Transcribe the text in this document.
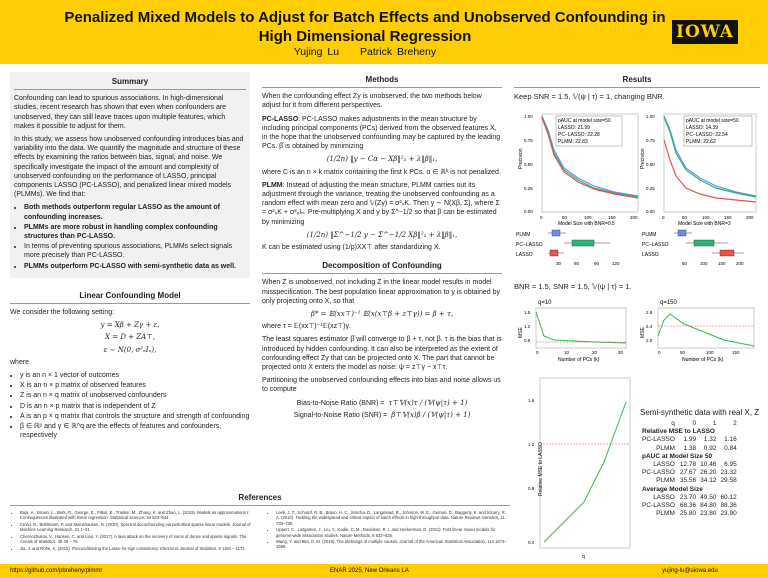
Penalized Mixed Models to Adjust for Batch Effects and Unobserved Confounding in High Dimensional Regression
Yujing Lu Patrick Breheny
IOWA
Summary

Confounding can lead to spurious associations. In high-dimensional studies, recent research has shown that even when confounders are unobserved, they can still leave traces upon multiple features, which makes it possible to adjust for them.

In this study, we assess how unobserved confounding introduces bias and variability into the data. We quantify the magnitude and structure of these effects by examining the ratios between bias, signal, and noise. We specifically investigate the impact of the amount and complexity of unobserved confounding on the performance of LASSO, principal components LASSO (PC-LASSO), and penalized linear mixed models (PLMMs). We find that:

• Both methods outperform regular LASSO as the amount of confounding increases.
• PLMMs are more robust in handling complex confounding structures than PC-LASSO.
• In terms of preventing spurious associations, PLMMs select signals more precisely than PC-LASSO.
• PLMMs outperform PC-LASSO with semi-synthetic data as well.
Linear Confounding Model

We consider the following setting:

y = Xβ + Zγ + ε,
X = D + ZA⊤,
ε ∼ N(0, σ²ₑIₙ),

where

• y is an n × 1 vector of outcomes
• X is an n × p matrix of observed features
• Z is an n × q matrix of unobserved confounders
• D is an n × p matrix that is independent of Z
• A is an p × q matrix that controls the structure and strength of confounding
• β ∈ ℝᵖ and γ ∈ ℝ^q are the effects of features and confounders, respectively
References
• Bujа, A., Brown, L., Berk, R., George, E., Pitkin, E., Traskin, M., Zhang, K. and Zhao, L. (2019). Models as approximations I: Consequences illustrated with linear regression. Statistical Science, 34 523–544.
• Ćevid, D., Bühlmann, P. and Meinshausen, N. (2020). Spectral deconfounding via perturbed sparse linear models. Journal of Machine Learning Research, 21 1–41.
• Chernozhukov, V., Hansen, C. and Liao, Y. (2017). A lava attack on the recovery of sums of dense and sparse signals. The Annals of Statistics, 45 39 – 76.
• Jia, J. and Rohe, K. (2015). Preconditioning the Lasso for sign consistency. Electronic Journal of Statistics, 9 1150 – 1172.
• Leek, J. T., Scharpf, R. B., Bravo, H. C., Simcha, D., Langmead, B., Johnson, W. E., Geman, D., Baggerly, K. and Irizarry, R. A. (2010). Tackling the widespread and critical impact of batch effects in high-throughput data. Nature Reviews Genetics, 11 733–739.
• Lippert, C., Listgarten, J., Liu, Y., Kadie, C. M., Davidson, R. I. and Heckerman, D. (2011). Fast linear mixed models for genome-wide association studies. Nature Methods, 8 833–835.
• Wang, Y. and Blei, D. M. (2019). The blessings of multiple causes. Journal of the American Statistical Association, 114 1574–1596.
Methods

When the confounding effect Zγ is unobserved, the two methods below adjust for it from different perspectives.

PC-LASSO: PC-LASSO makes adjustments in the mean structure by including principal components (PCs) derived from the observed features X, in the hope that the unobserved confounding may be captured by the leading PCs. β̂ is obtained by minimizing

(1/2n) ‖y − Cα − Xβ‖²₂ + λ‖β‖₁,

where C is an n × k matrix containing the first k PCs. α ∈ ℝᵏ is not penalized.

PLMM: Instead of adjusting the mean structure, PLMM carries out its adjustment through the variance, treating the unobserved confounding as a random effect with mean zero and 𝕍(Zγ) = σ²ₛK. Then y ∼ N(Xβ, Σ), where Σ = σ²ₛK + σ²ₑIₙ. Pre-multiplying X and y by Σ^−1/2 so that β can be estimated by minimizing

(1/2n) ‖Σ^−1/2 y − Σ^−1/2 Xβ‖²₂ + λ‖β‖₁,

K can be estimated using (1/p)XX⊤ after standardizing X.

Decomposition of Confounding

When Z is unobserved, not including Z in the linear model results in model misspecification. The best population linear approximation to y is obtained by only projecting onto X, so that

β* = 𝔼(xx⊤)⁻¹ 𝔼(x(x⊤β + z⊤γ)) = β + τ,

where τ = 𝔼(xx⊤)⁻¹𝔼(xz⊤)γ.

The least squares estimator β̂ will converge to β + τ, not β. τ is the bias that is introduced by hidden confounding. It can also be interpreted as the extent of confounding effect Zγ that can be projected onto X. The part that cannot be projected onto X enters the model as noise: ψ = z⊤γ − x⊤τ.

Partitioning the unobserved confounding effects into bias and noise allows us to compute

Bias-to-Noise Ratio (BNR) = τ⊤𝕍(x)τ / (𝕍(ψ|τ) + 1)
Signal-to-Noise Ratio (SNR) = β⊤𝕍(x)β / (𝕍(ψ|τ) + 1)
Results
Keep SNR = 1.5, 𝕍(ψ | τ) = 1, changing BNR.
Precision
1.00
0.75
0.50
0.25
0.00
0	50	100	150	200
Model Size with BNR=0.5
pAUC at model size=50
LASSO: 21.99
PC−LASSO: 22.28
PLMM: 22.83
Precision
1.00
0.75
0.50
0.25
0.00
0	50	100	150	200
Model Size with BNR=3
pAUC at model size=50
LASSO: 14.39
PC−LASSO: 22.54
PLMM: 22.62
PLMM
PC−LASSO
LASSO
30	60	90	120
PLMM
PC−LASSO
LASSO
50	100 150 200
BNR = 1.5, SNR = 1.5, 𝕍(ψ | τ) = 1.
q=10
MSE
1.5
1.2
0.9
0	10	20	30
Number of PCs (k)
q=150
MSE
2.8
2.4
2.0
0	50	100	150
Number of PCs (k)
Relative MSE to LASSO
1.6
1.2
0.8
0.4
q
Semi-synthetic data with real X, Z
q	0	1	2
Relative MSE to LASSO			
PC-LASSO	1.99	1.32	1.16
PLMM	1.38	0.92	0.84
pAUC at Model Size 50			
LASSO	12.78	10.46	6.95
PC-LASSO	27.67	26.20	23.32
PLMM	35.56	34.12	29.58
Average Model Size			
LASSO	23.70	49.50	60.12
PC-LASSO	68.36	84.80	88.36
PLMM	25.80	23.80	23.90
https://github.com/pbreheny/plmmr	ENAR 2025, New Orleans LA	yujing-lu@uiowa.edu
